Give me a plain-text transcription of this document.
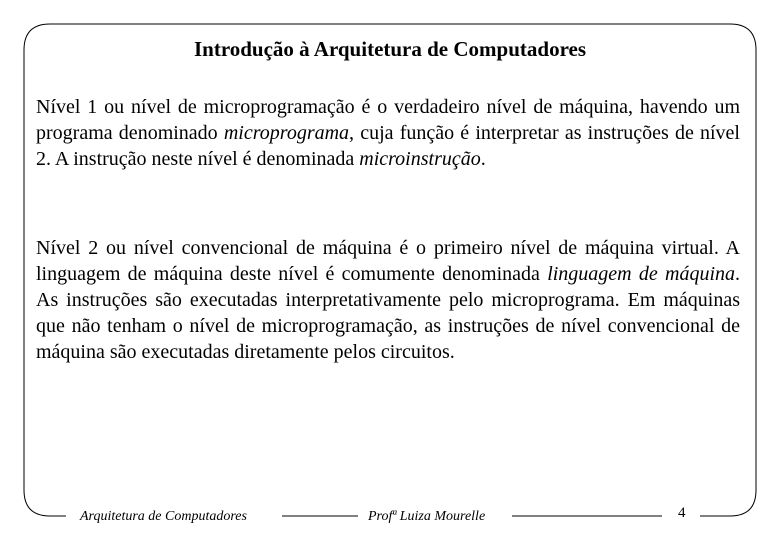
Introdução à Arquitetura de Computadores
Nível 1 ou nível de microprogramação é o verdadeiro nível de máquina, havendo um programa denominado microprograma, cuja função é interpretar as instruções de nível 2. A instrução neste nível é denominada microinstrução.
Nível 2 ou nível convencional de máquina é o primeiro nível de máquina virtual. A linguagem de máquina deste nível é comumente denominada linguagem de máquina. As instruções são executadas interpretativamente pelo microprograma. Em máquinas que não tenham o nível de microprogramação, as instruções de nível convencional de máquina são executadas diretamente pelos circuitos.
Arquitetura de Computadores	Profª Luiza Mourelle	4
